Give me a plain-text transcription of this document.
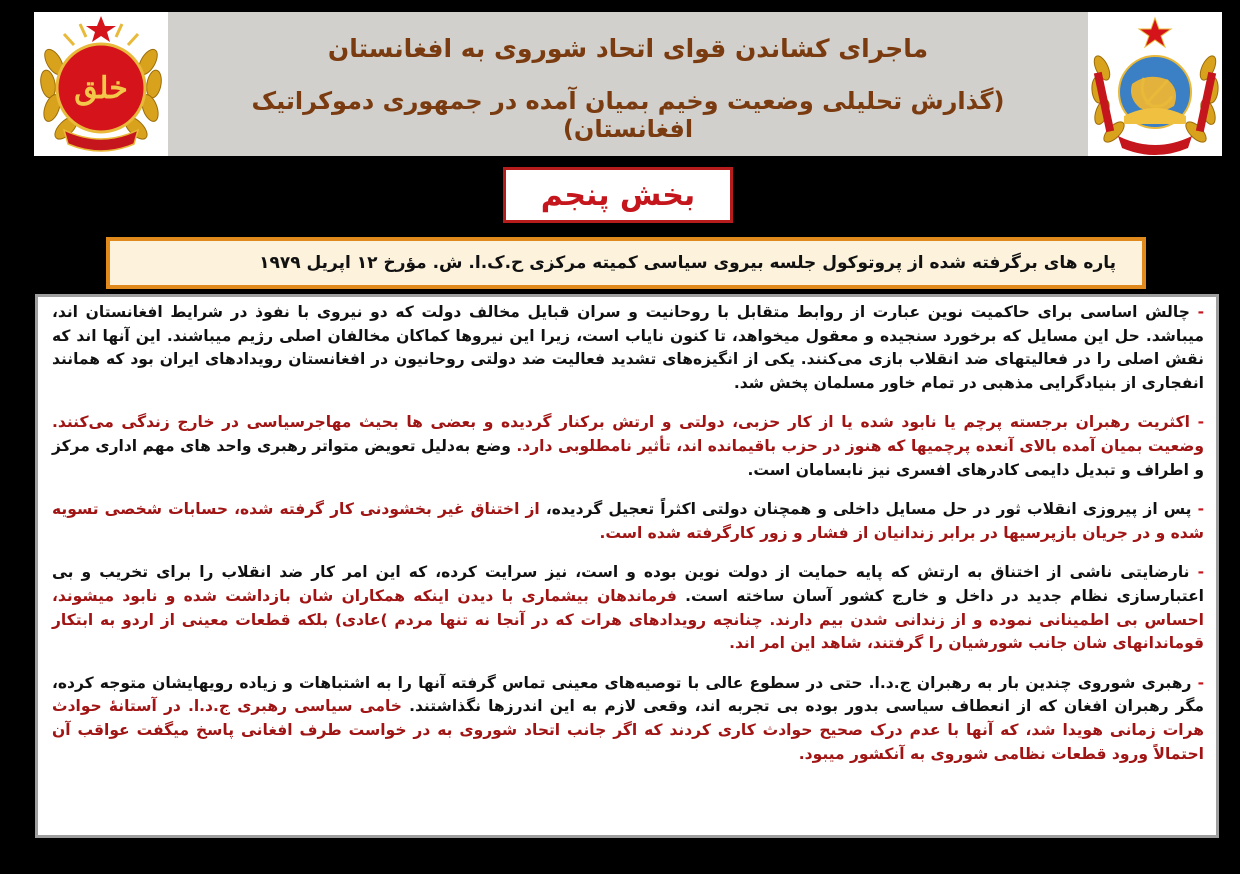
خلق
ماجرای کشاندن قوای اتحاد شوروی به افغانستان
(گذارش تحلیلی وضعیت وخیم بمیان آمده در جمهوری دموکراتیک افغانستان)
بخش پنجم
پاره های برگرفته شده از پروتوکول جلسه بیروی سیاسی کمیته مرکزی ح.ک.ا. ش. مؤرخ ۱۲ اپریل ۱۹۷۹

- چالش اساسی برای حاکمیت نوین عبارت از روابط متقابل با روحانیت و سران قبایل مخالف دولت که دو نیروی با نفوذ در شرایط افغانستان اند، میباشد. حل این مسایل که برخورد سنجیده و معقول میخواهد، تا کنون نایاب است، زیرا این نیروها کماکان مخالفان اصلی رژیم میباشند. این آنها اند که نقش اصلی را در فعالیتهای ضد انقلاب بازی می‌کنند. یکی از انگیزه‌های تشدید فعالیت ضد دولتی روحانیون در افغانستان رویدادهای ایران بود که همانند انفجاری از بنیادگرایی مذهبی در تمام خاور مسلمان پخش شد.

- اکثریت رهبران برجسته پرچم یا نابود شده یا از کار حزبی، دولتی و ارتش برکنار گردیده و بعضی ها بحیث مهاجرسیاسی در خارج زندگی می‌کنند. وضعیت بمیان آمده بالای آنعده پرچمیها که هنوز در حزب باقیمانده اند، تأثیر نامطلوبی دارد. وضع به‌دلیل تعویض متواتر رهبری واحد های مهم اداری مرکز و اطراف و تبدیل دایمی کادرهای افسری نیز نابسامان است.

- پس از پیروزی انقلاب ثور در حل مسایل داخلی و همچنان دولتی اکثراً تعجیل گردیده، از اختناق غیر بخشودنی کار گرفته شده، حسابات شخصی تسویه شده و در جریان بازپرسیها در برابر زندانیان از فشار و زور کارگرفته شده است.

- نارضایتی ناشی از اختناق به ارتش که پایه حمایت از دولت نوین بوده و است، نیز سرایت کرده، که این امر کار ضد انقلاب را برای تخریب و بی اعتبارسازی نظام جدید در داخل و خارج کشور آسان ساخته است. فرماندهان بیشماری با دیدن اینکه همکاران شان بازداشت شده و نابود میشوند، احساس بی اطمینانی نموده و از زندانی شدن بیم دارند. چنانچه رویدادهای هرات که در آنجا نه تنها مردم )عادی) بلکه قطعات معینی از اردو به ابتکار قوماندانهای شان جانب شورشیان را گرفتند، شاهد این امر اند.

- رهبری شوروی چندین بار به رهبران ج.د.ا. حتی در سطوع عالی با توصیه‌های معینی تماس گرفته آنها را به اشتباهات و زیاده رویهایشان متوجه کرده، مگر رهبران افغان که از انعطاف سیاسی بدور بوده بی تجربه اند، وقعی لازم به این اندرزها نگذاشتند. خامی سیاسی رهبری ج.د.ا. در آستانهٔ حوادث هرات زمانی هویدا شد، که آنها با عدم درک صحیح حوادث کاری کردند که اگر جانب اتحاد شوروی به در خواست طرف افغانی پاسخ میگفت عواقب آن احتمالاً ورود قطعات نظامی شوروی به آنکشور میبود.
